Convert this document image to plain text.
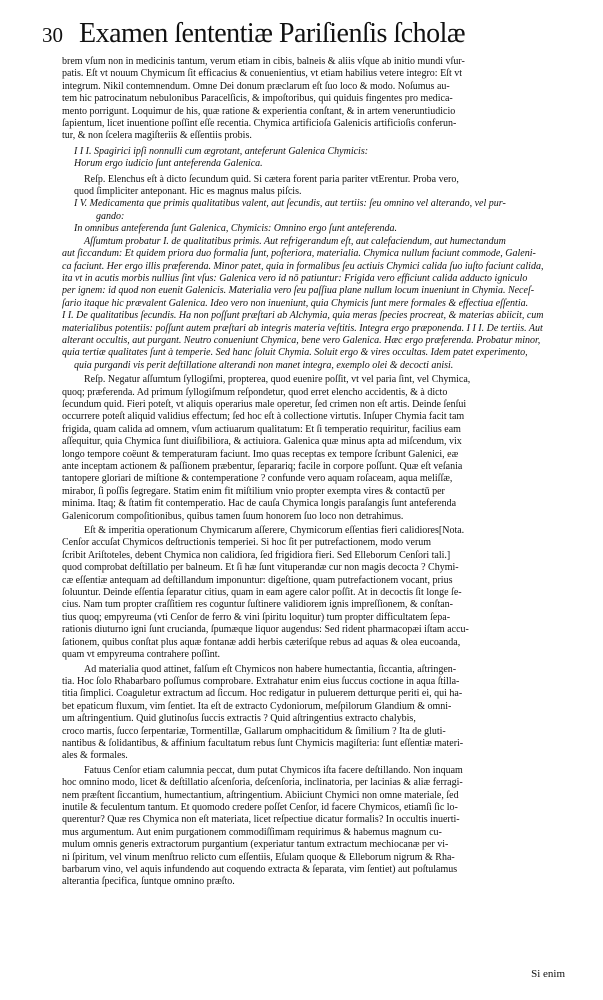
30 Examen ſententiæ Pariſienſis ſcholæ
brem vſum non in medicinis tantum, verum etiam in cibis, balneis & aliis vſque ab initio mundi vſur-
patis. Eſt vt nouum Chymicum ſit efficacius & conuenientius, vt etiam habilius vetere integro: Eſt vt
integrum. Nikil contemnendum. Omne Dei donum præclarum eſt ſuo loco & modo. Noſumus au-
tem hic patrocinatum nebulonibus Paracelſicis, & impoſtoribus, qui quiduis fingentes pro medica-
mento porrigunt. Loquimur de his, quæ ratione & experientia conſtant, & in artem veneruntiudicio
ſapientum, licet inuentione poſſint eſſe recentia. Chymica artificioſa Galenicis artificioſis conferun-
tur, & non ſcelera magiſteriis & eſſentiis probis.
I I I. Spagirici ipſi nonnulli cum ægrotant, anteferunt Galenica Chymicis:
Horum ergo iudicio ſunt anteferenda Galenica.
Reſp. Elenchus eſt à dicto ſecundum quid. Si cætera forent paria pariter vtErentur. Proba vero,
quod ſimpliciter anteponant. Hic es magnus malus piſcis.
I V. Medicamenta que primis qualitatibus valent, aut ſecundis, aut tertiis: ſeu omnino vel alterando, vel pur-
gando:
In omnibus anteferenda ſunt Galenica, Chymicis: Omnino ergo ſunt anteferenda.
Aſſumtum probatur I. de qualitatibus primis. Aut refrigerandum eſt, aut calefaciendum, aut humectandum
aut ſiccandum: Et quidem priora duo formalia ſunt, poſteriora, materialia. Chymica nullum faciunt commode, Galeni-
ca faciunt. Her ergo illis præferenda. Minor patet, quia in formalibus ſeu actiuis Chymici calida ſuo iuſto faciunt calida,
ita vt in acutis morbis nullius ſint vſus: Galenica vero id nō patiuntur: Frigida vero efficiunt calida adducto igniculo
per ignem: id quod non euenit Galenicis. Materialia vero ſeu paſſiua plane nullum locum inueniunt in Chymia. Neceſ-
ſario itaque hic prævalent Galenica. Ideo vero non inueniunt, quia Chymicis ſunt mere formales & effectiua eſſentia.
I I. De qualitatibus ſecundis. Ha non poſſunt præſtari ab Alchymia, quia meras ſpecies procreat, & materias abiicit, cum
materialibus potentiis: poſſunt autem præſtari ab integris materia veſtitis. Integra ergo præponenda. I I I. De tertiis. Aut
alterant occultis, aut purgant. Neutro conueniunt Chymica, bene vero Galenica. Hæc ergo præferenda. Probatur minor,
quia tertiæ qualitates ſunt à temperie. Sed hanc ſoluit Chymia. Soluit ergo & vires occultas. Idem patet experimento,
quia purgandi vis perit deſtillatione alterandi non manet integra, exemplo olei & decocti anisi.
Reſp. Negatur aſſumtum ſyllogiſmi, propterea, quod euenire poſſit, vt vel paria ſint, vel Chymica,
quoq; præferenda. Ad primum ſyllogiſmum reſpondetur, quod erret elencho accidentis, & à dicto
ſecundum quid. Fieri poteſt, vt aliquis operarius male operetur, ſed crimen non eſt artis. Deinde ſenſui
occurrere poteſt aliquid validius effectum; ſed hoc eſt à collectione virtutis. Inſuper Chymia facit tam
frigida, quam calida ad omnem, vſum actiuarum qualitatum: Et ſi temperatio requiritur, facilius eam
aſſequitur, quia Chymica ſunt diuiſibiliora, & actiuiora. Galenica quæ minus apta ad miſcendum, vix
longo tempore coëunt & temperaturam faciunt. Imo quas receptas ex tempore ſcribunt Galenici, eæ
ante inceptam actionem & paſſionem præbentur, ſeparariq; facile in corpore poſſunt. Quæ eſt veſania
tantopere gloriari de miſtione & contemperatione ? confunde vero aquam roſaceam, aqua meliſſæ,
mirabor, ſi poſſis ſegregare. Statim enim fit miſtilium vnio propter exempta vires & contactū per
minima. Itaq; & ſtatim fit contemperatio. Hac de cauſa Chymica longis paraſangis ſunt anteferenda
Galenicorum compoſitionibus, quibus tamen ſuum honorem ſuo loco non detrahimus.
Eſt & imperitia operationum Chymicarum aſſerere, Chymicorum eſſentias fieri calidiores[Nota.
Cenſor accuſat Chymicos deſtructionis temperiei. Si hoc ſit per putrefactionem, modo verum
ſcribit Ariſtoteles, debent Chymica non calidiora, ſed frigidiora fieri. Sed Elleborum Cenſori tali.]
quod comprobat deſtillatio per balneum. Et ſi hæ ſunt vituperandæ cur non magis decocta ? Chymi-
cæ eſſentiæ antequam ad deſtillandum imponuntur: digeſtione, quam putrefactionem vocant, prius
ſoluuntur. Deinde eſſentia ſeparatur citius, quam in eam agere calor poſſit. At in decoctis ſit longe ſe-
cius. Nam tum propter craſſitiem res coguntur ſuſtinere validiorem ignis impreſſionem, & conſtan-
tius quoq; empyreuma (vti Cenſor de ferro & vini ſpiritu loquitur) tum propter difficultatem ſepa-
rationis diuturno igni ſunt crucianda, ſpumæque liquor augendus: Sed rident pharmacopæi iſtam accu-
ſationem, quibus conſtat plus aquæ fontanæ addi herbis cæteriſque rebus ad aquas & olea eucoanda,
quam vt empyreuma contrahere poſſint.
Ad materialia quod attinet, falſum eſt Chymicos non habere humectantia, ſiccantia, aſtringen-
tia. Hoc ſolo Rhabarbaro poſſumus comprobare. Extrahatur enim eius ſuccus coctione in aqua ſtilla-
titia ſimplici. Coaguletur extractum ad ſiccum. Hoc redigatur in puluerem detturque periti ei, qui ha-
bet epaticum fluxum, vim ſentiet. Ita eſt de extracto Cydoniorum, meſpilorum Glandium & omni-
um aſtringentium. Quid glutinoſus ſuccis extractis ? Quid aſtringentius extracto chalybis,
croco martis, ſucco ſerpentariæ, Tormentillæ, Gallarum omphacitidum & ſimilium ? Ita de gluti-
nantibus & ſolidantibus, & affinium facultatum rebus ſunt Chymicis magiſteria: ſunt eſſentiæ materi-
ales & formales.
Fatuus Cenſor etiam calumnia peccat, dum putat Chymicos iſta facere deſtillando. Non inquam
hoc omnino modo, licet & deſtillatio aſcenſoria, deſcenſoria, inclinatoria, per lacinias & aliæ ferragi-
nem præſtent ſiccantium, humectantium, aſtringentium. Abiiciunt Chymici non omne materiale, ſed
inutile & feculentum tantum. Et quomodo credere poſſet Cenſor, id facere Chymicos, etiamſi ſic lo-
querentur? Quæ res Chymica non eſt materiata, licet reſpectiue dicatur formalis? In occultis inuerti-
mus argumentum. Aut enim purgationem commodiſſimam requirimus & habemus magnum cu-
mulum omnis generis extractorum purgantium (experiatur tantum extractum mechiocanæ per vi-
ni ſpiritum, vel vinum menſtruo relicto cum eſſentiis, Eſulam quoque & Elleborum nigrum & Rha-
barbarum vino, vel aquis infundendo aut coquendo extracta & ſeparata, vim ſentiet) aut poſtulamus
alterantia ſpecifica, ſuntque omnino præſto.
Si enim
